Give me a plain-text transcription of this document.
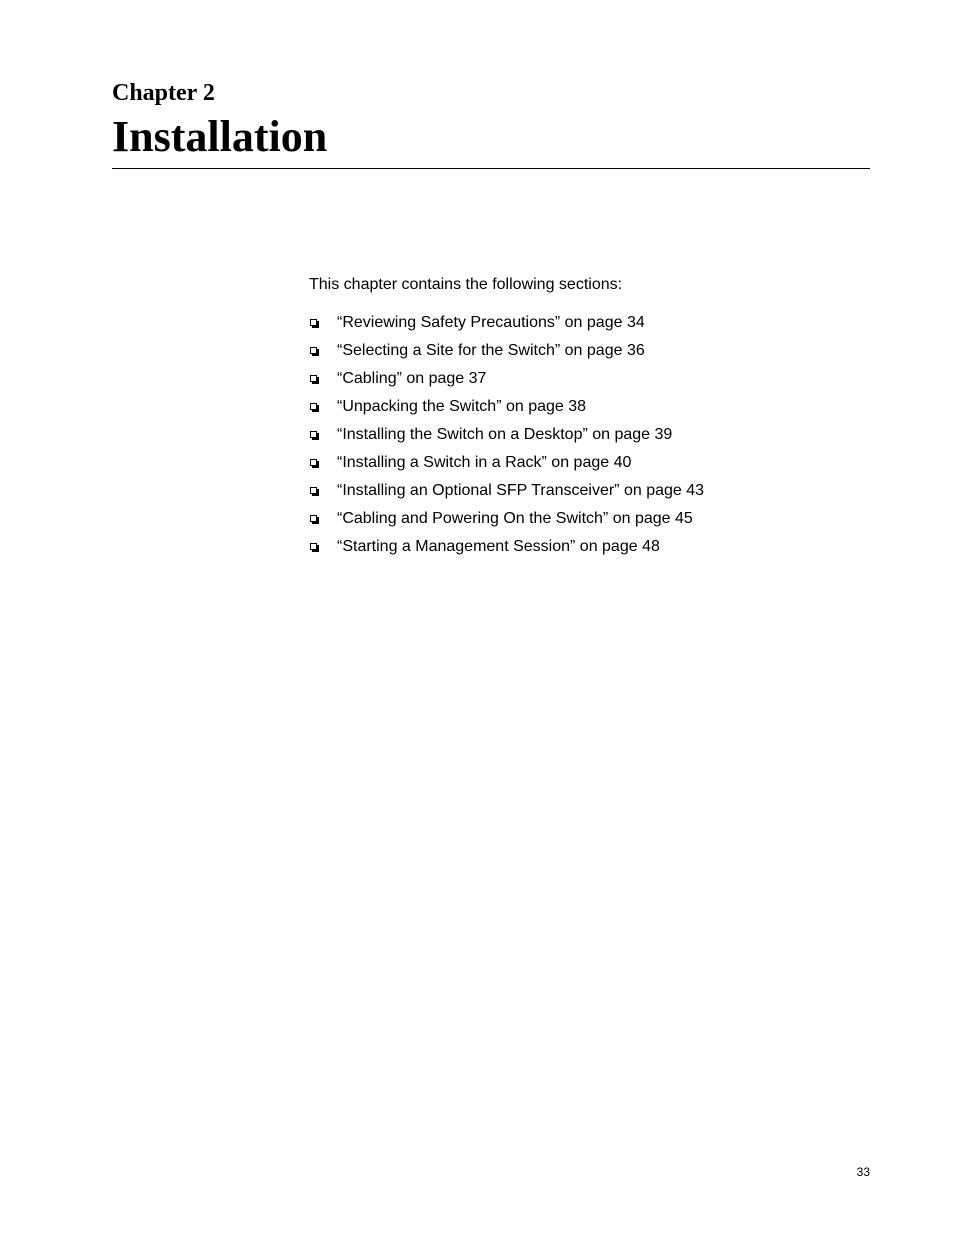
Chapter 2
Installation

This chapter contains the following sections:

“Reviewing Safety Precautions” on page 34
“Selecting a Site for the Switch” on page 36
“Cabling” on page 37
“Unpacking the Switch” on page 38
“Installing the Switch on a Desktop” on page 39
“Installing a Switch in a Rack” on page 40
“Installing an Optional SFP Transceiver” on page 43
“Cabling and Powering On the Switch” on page 45
“Starting a Management Session” on page 48

33
